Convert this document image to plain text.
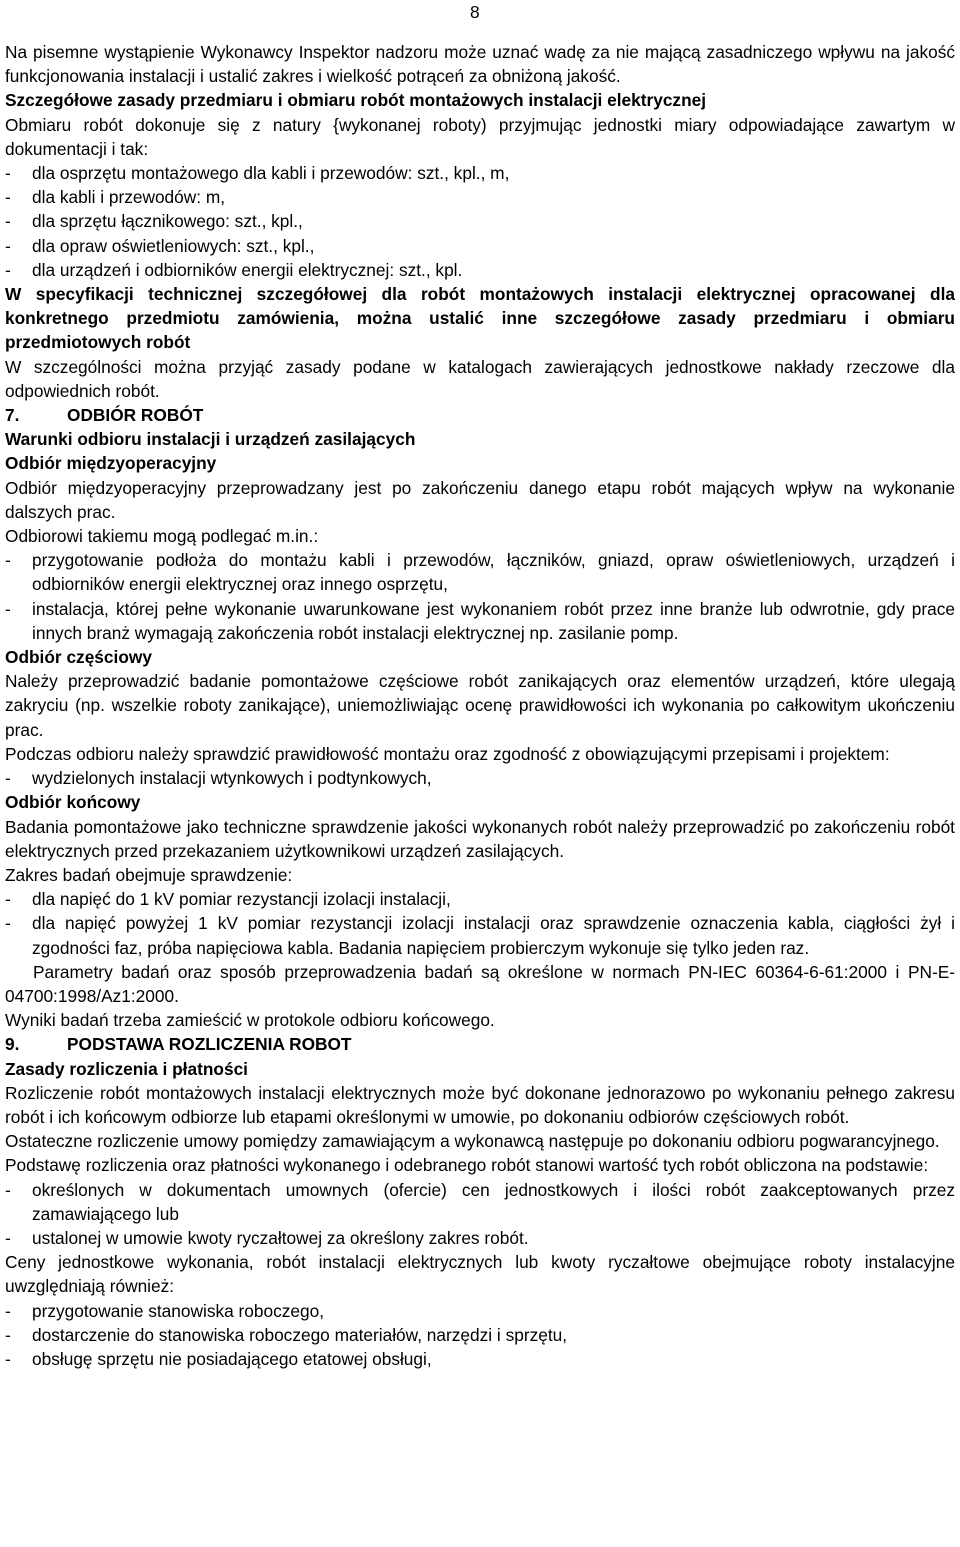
8

Na pisemne wystąpienie Wykonawcy Inspektor nadzoru może uznać wadę za nie mającą zasadniczego wpływu na jakość funkcjonowania instalacji i ustalić zakres i wielkość potrąceń za obniżoną jakość.

Szczegółowe zasady przedmiaru i obmiaru robót montażowych instalacji elektrycznej

Obmiaru robót dokonuje się z natury {wykonanej roboty) przyjmując jednostki miary odpowiadające zawartym w dokumentacji i tak:

-	dla osprzętu montażowego dla kabli i przewodów: szt., kpl., m,
-	dla kabli i przewodów: m,
-	dla sprzętu łącznikowego: szt., kpl.,
-	dla opraw oświetleniowych: szt., kpl.,
-	dla urządzeń i odbiorników energii elektrycznej: szt., kpl.

W specyfikacji technicznej szczegółowej dla robót montażowych instalacji elektrycznej opracowanej dla konkretnego przedmiotu zamówienia, można ustalić inne szczegółowe zasady przedmiaru i obmiaru przedmiotowych robót

W szczególności można przyjąć zasady podane w katalogach zawierających jednostkowe nakłady rzeczowe dla odpowiednich robót.

7.	ODBIÓR ROBÓT

Warunki odbioru instalacji i urządzeń zasilających

Odbiór międzyoperacyjny

Odbiór międzyoperacyjny przeprowadzany jest po zakończeniu danego etapu robót mających wpływ na wykonanie dalszych prac.

Odbiorowi takiemu mogą podlegać m.in.:

-	przygotowanie podłoża do montażu kabli i przewodów, łączników, gniazd, opraw oświetleniowych, urządzeń i odbiorników energii elektrycznej oraz innego osprzętu,
-	instalacja, której pełne wykonanie uwarunkowane jest wykonaniem robót przez inne branże lub odwrotnie, gdy prace innych branż wymagają zakończenia robót instalacji elektrycznej np. zasilanie pomp.

Odbiór częściowy

Należy przeprowadzić badanie pomontażowe częściowe robót zanikających oraz elementów urządzeń, które ulegają zakryciu (np. wszelkie roboty zanikające), uniemożliwiając ocenę prawidłowości ich wykonania po całkowitym ukończeniu prac.

Podczas odbioru należy sprawdzić prawidłowość montażu oraz zgodność z obowiązującymi przepisami i projektem:

-	wydzielonych instalacji wtynkowych i podtynkowych,

Odbiór końcowy

Badania pomontażowe jako techniczne sprawdzenie jakości wykonanych robót należy przeprowadzić po zakończeniu robót elektrycznych przed przekazaniem użytkownikowi urządzeń zasilających.

Zakres badań obejmuje sprawdzenie:

-	dla napięć do 1 kV pomiar rezystancji izolacji instalacji,
-	dla napięć powyżej 1 kV pomiar rezystancji izolacji instalacji oraz sprawdzenie oznaczenia kabla, ciągłości żył i zgodności faz, próba napięciowa kabla. Badania napięciem probierczym wykonuje się tylko jeden raz.

Parametry badań oraz sposób przeprowadzenia badań są określone w normach PN-IEC 60364-6-61:2000 i PN-E-04700:1998/Az1:2000.

Wyniki badań trzeba zamieścić w protokole odbioru końcowego.

9.	PODSTAWA ROZLICZENIA ROBOT

Zasady rozliczenia i płatności

Rozliczenie robót montażowych instalacji elektrycznych może być dokonane jednorazowo po wykonaniu pełnego zakresu robót i ich końcowym odbiorze lub etapami określonymi w umowie, po dokonaniu odbiorów częściowych robót.

Ostateczne rozliczenie umowy pomiędzy zamawiającym a wykonawcą następuje po dokonaniu odbioru pogwarancyjnego.

Podstawę rozliczenia oraz płatności wykonanego i odebranego robót stanowi wartość tych robót obliczona na podstawie:

-	określonych w dokumentach umownych (ofercie) cen jednostkowych i ilości robót zaakceptowanych przez zamawiającego lub
-	ustalonej w umowie kwoty ryczałtowej za określony zakres robót.

Ceny jednostkowe wykonania, robót instalacji elektrycznych lub kwoty ryczałtowe obejmujące roboty instalacyjne uwzględniają również:

-	przygotowanie stanowiska roboczego,
-	dostarczenie do stanowiska roboczego materiałów, narzędzi i sprzętu,
-	obsługę sprzętu nie posiadającego etatowej obsługi,
